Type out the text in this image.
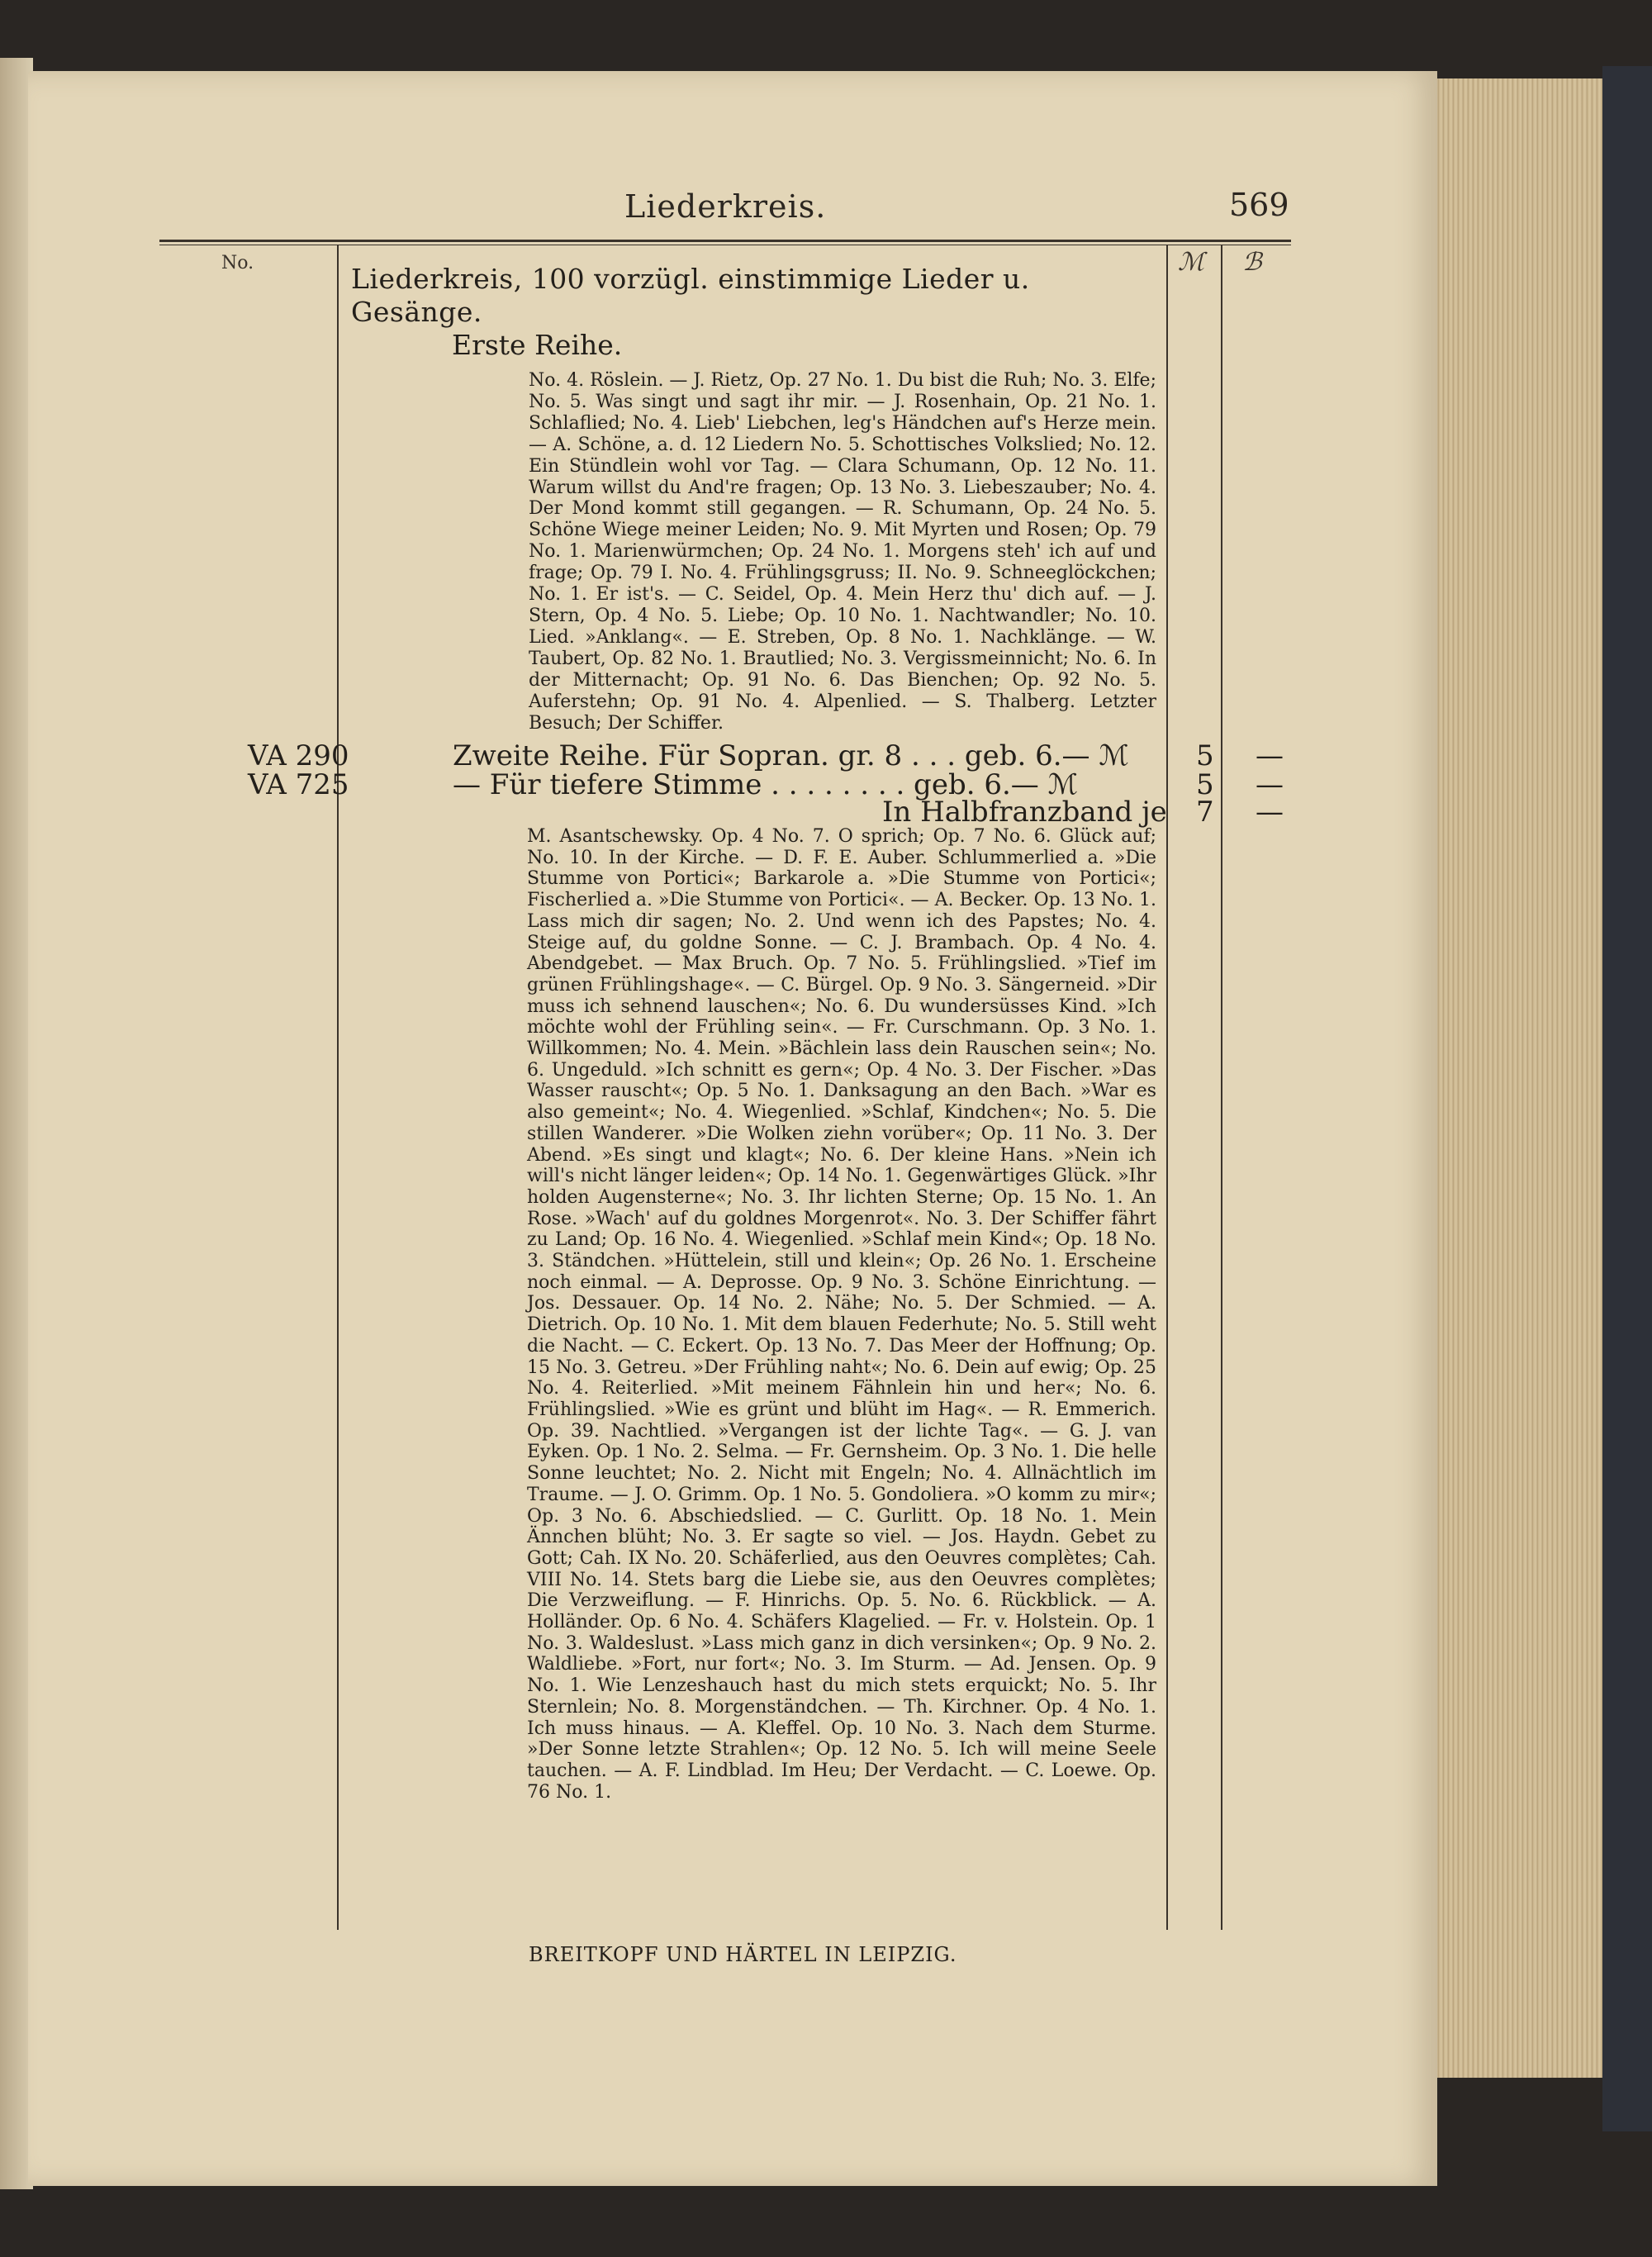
Liederkreis.	569
No.	ℳ ℬ
Liederkreis, 100 vorzügl. einstimmige Lieder u. Gesänge.
Erste Reihe.
No. 4. Röslein. — J. Rietz, Op. 27 No. 1. Du bist die Ruh; No. 3. Elfe; No. 5. Was singt und sagt ihr mir. — J. Rosenhain, Op. 21 No. 1. Schlaflied; No. 4. Lieb' Liebchen, leg's Händchen auf's Herze mein. — A. Schöne, a. d. 12 Liedern No. 5. Schottisches Volkslied; No. 12. Ein Stündlein wohl vor Tag. — Clara Schumann, Op. 12 No. 11. Warum willst du And're fragen; Op. 13 No. 3. Liebeszauber; No. 4. Der Mond kommt still gegangen. — R. Schumann, Op. 24 No. 5. Schöne Wiege meiner Leiden; No. 9. Mit Myrten und Rosen; Op. 79 No. 1. Marienwürmchen; Op. 24 No. 1. Morgens steh' ich auf und frage; Op. 79 I. No. 4. Frühlingsgruss; II. No. 9. Schneeglöckchen; No. 1. Er ist's. — C. Seidel, Op. 4. Mein Herz thu' dich auf. — J. Stern, Op. 4 No. 5. Liebe; Op. 10 No. 1. Nachtwandler; No. 10. Lied. »Anklang«. — E. Streben, Op. 8 No. 1. Nachklänge. — W. Taubert, Op. 82 No. 1. Brautlied; No. 3. Vergissmeinnicht; No. 6. In der Mitternacht; Op. 91 No. 6. Das Bienchen; Op. 92 No. 5. Auferstehn; Op. 91 No. 4. Alpenlied. — S. Thalberg. Letzter Besuch; Der Schiffer.
VA 290	Zweite Reihe. Für Sopran. gr. 8 . . . geb. 6.— ℳ 5 —
VA 725	— Für tiefere Stimme . . . . . . . . geb. 6.— ℳ	5 —
In Halbfranzband je 7 —
M. Asantschewsky. Op. 4 No. 7. O sprich; Op. 7 No. 6. Glück auf; No. 10. In der Kirche. — D. F. E. Auber. Schlummerlied a. »Die Stumme von Portici«; Barkarole a. »Die Stumme von Portici«; Fischerlied a. »Die Stumme von Portici«. — A. Becker. Op. 13 No. 1. Lass mich dir sagen; No. 2. Und wenn ich des Papstes; No. 4. Steige auf, du goldne Sonne. — C. J. Brambach. Op. 4 No. 4. Abendgebet. — Max Bruch. Op. 7 No. 5. Frühlingslied. »Tief im grünen Frühlingshage«. — C. Bürgel. Op. 9 No. 3. Sängerneid. »Dir muss ich sehnend lauschen«; No. 6. Du wundersüsses Kind. »Ich möchte wohl der Frühling sein«. — Fr. Curschmann. Op. 3 No. 1. Willkommen; No. 4. Mein. »Bächlein lass dein Rauschen sein«; No. 6. Ungeduld. »Ich schnitt es gern«; Op. 4 No. 3. Der Fischer. »Das Wasser rauscht«; Op. 5 No. 1. Danksagung an den Bach. »War es also gemeint«; No. 4. Wiegenlied. »Schlaf, Kindchen«; No. 5. Die stillen Wanderer. »Die Wolken ziehn vorüber«; Op. 11 No. 3. Der Abend. »Es singt und klagt«; No. 6. Der kleine Hans. »Nein ich will's nicht länger leiden«; Op. 14 No. 1. Gegenwärtiges Glück. »Ihr holden Augensterne«; No. 3. Ihr lichten Sterne; Op. 15 No. 1. An Rose. »Wach' auf du goldnes Morgenrot«. No. 3. Der Schiffer fährt zu Land; Op. 16 No. 4. Wiegenlied. »Schlaf mein Kind«; Op. 18 No. 3. Ständchen. »Hüttelein, still und klein«; Op. 26 No. 1. Erscheine noch einmal. — A. Deprosse. Op. 9 No. 3. Schöne Einrichtung. — Jos. Dessauer. Op. 14 No. 2. Nähe; No. 5. Der Schmied. — A. Dietrich. Op. 10 No. 1. Mit dem blauen Federhute; No. 5. Still weht die Nacht. — C. Eckert. Op. 13 No. 7. Das Meer der Hoffnung; Op. 15 No. 3. Getreu. »Der Frühling naht«; No. 6. Dein auf ewig; Op. 25 No. 4. Reiterlied. »Mit meinem Fähnlein hin und her«; No. 6. Frühlingslied. »Wie es grünt und blüht im Hag«. — R. Emmerich. Op. 39. Nachtlied. »Vergangen ist der lichte Tag«. — G. J. van Eyken. Op. 1 No. 2. Selma. — Fr. Gernsheim. Op. 3 No. 1. Die helle Sonne leuchtet; No. 2. Nicht mit Engeln; No. 4. Allnächtlich im Traume. — J. O. Grimm. Op. 1 No. 5. Gondoliera. »O komm zu mir«; Op. 3 No. 6. Abschiedslied. — C. Gurlitt. Op. 18 No. 1. Mein Ännchen blüht; No. 3. Er sagte so viel. — Jos. Haydn. Gebet zu Gott; Cah. IX No. 20. Schäferlied, aus den Oeuvres complètes; Cah. VIII No. 14. Stets barg die Liebe sie, aus den Oeuvres complètes; Die Verzweiflung. — F. Hinrichs. Op. 5. No. 6. Rückblick. — A. Holländer. Op. 6 No. 4. Schäfers Klagelied. — Fr. v. Holstein. Op. 1 No. 3. Waldeslust. »Lass mich ganz in dich versinken«; Op. 9 No. 2. Waldliebe. »Fort, nur fort«; No. 3. Im Sturm. — Ad. Jensen. Op. 9 No. 1. Wie Lenzeshauch hast du mich stets erquickt; No. 5. Ihr Sternlein; No. 8. Morgenständchen. — Th. Kirchner. Op. 4 No. 1. Ich muss hinaus. — A. Kleffel. Op. 10 No. 3. Nach dem Sturme. »Der Sonne letzte Strahlen«; Op. 12 No. 5. Ich will meine Seele tauchen. — A. F. Lindblad. Im Heu; Der Verdacht. — C. Loewe. Op. 76 No. 1.
BREITKOPF UND HÄRTEL IN LEIPZIG.
